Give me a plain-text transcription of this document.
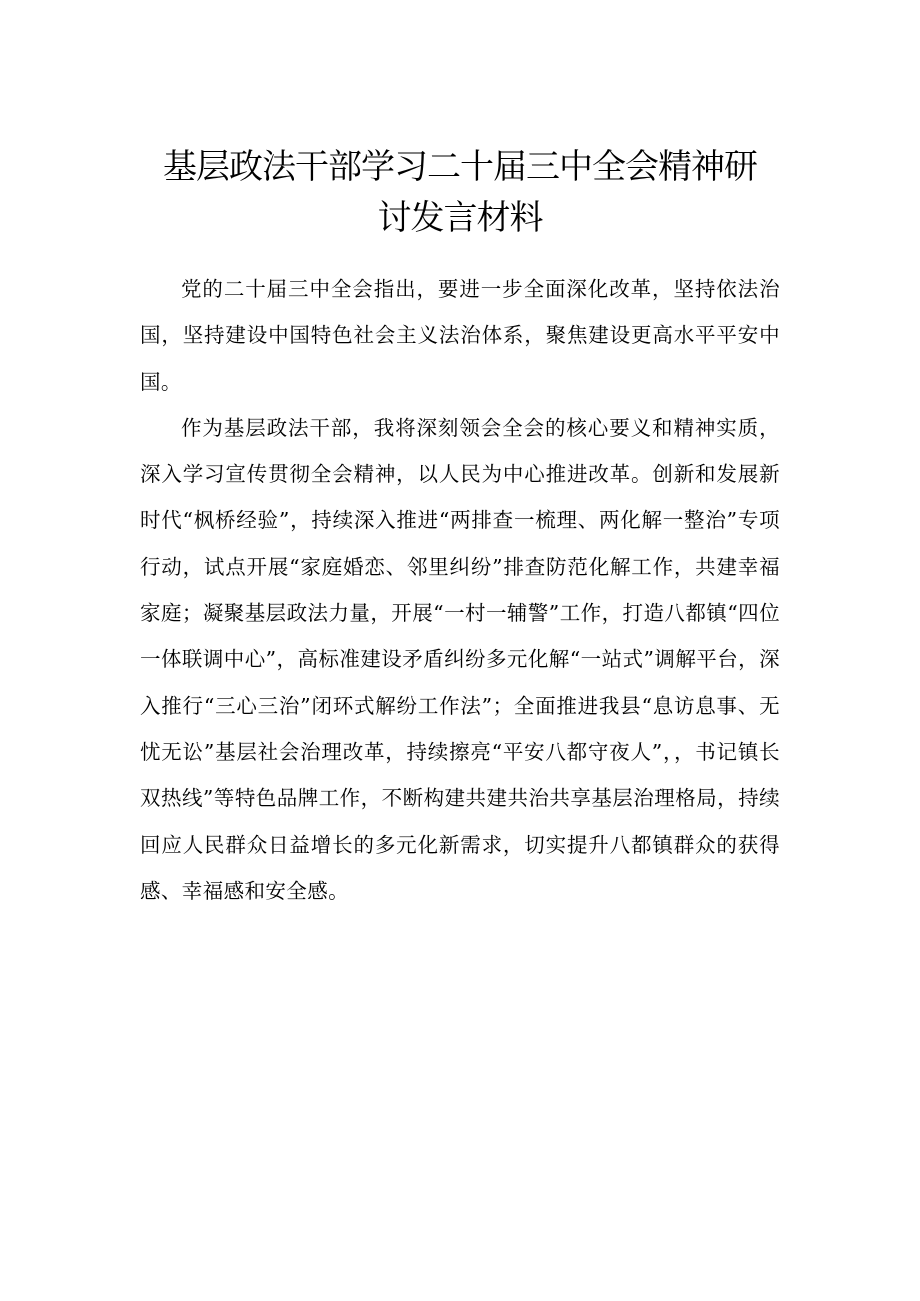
基层政法干部学习二十届三中全会精神研
讨发言材料

党的二十届三中全会指出，要进一步全面深化改革，坚持依法治国，坚持建设中国特色社会主义法治体系，聚焦建设更高水平平安中国。

作为基层政法干部，我将深刻领会全会的核心要义和精神实质，深入学习宣传贯彻全会精神，以人民为中心推进改革。创新和发展新时代“枫桥经验”，持续深入推进“两排查一梳理、两化解一整治”专项行动，试点开展“家庭婚恋、邻里纠纷”排查防范化解工作，共建幸福家庭；凝聚基层政法力量，开展“一村一辅警”工作，打造八都镇“四位一体联调中心”，高标准建设矛盾纠纷多元化解“一站式”调解平台，深入推行“三心三治”闭环式解纷工作法”；全面推进我县“息访息事、无忧无讼”基层社会治理改革，持续擦亮“平安八都守夜人”，，书记镇长双热线”等特色品牌工作，不断构建共建共治共享基层治理格局，持续回应人民群众日益增长的多元化新需求，切实提升八都镇群众的获得感、幸福感和安全感。
